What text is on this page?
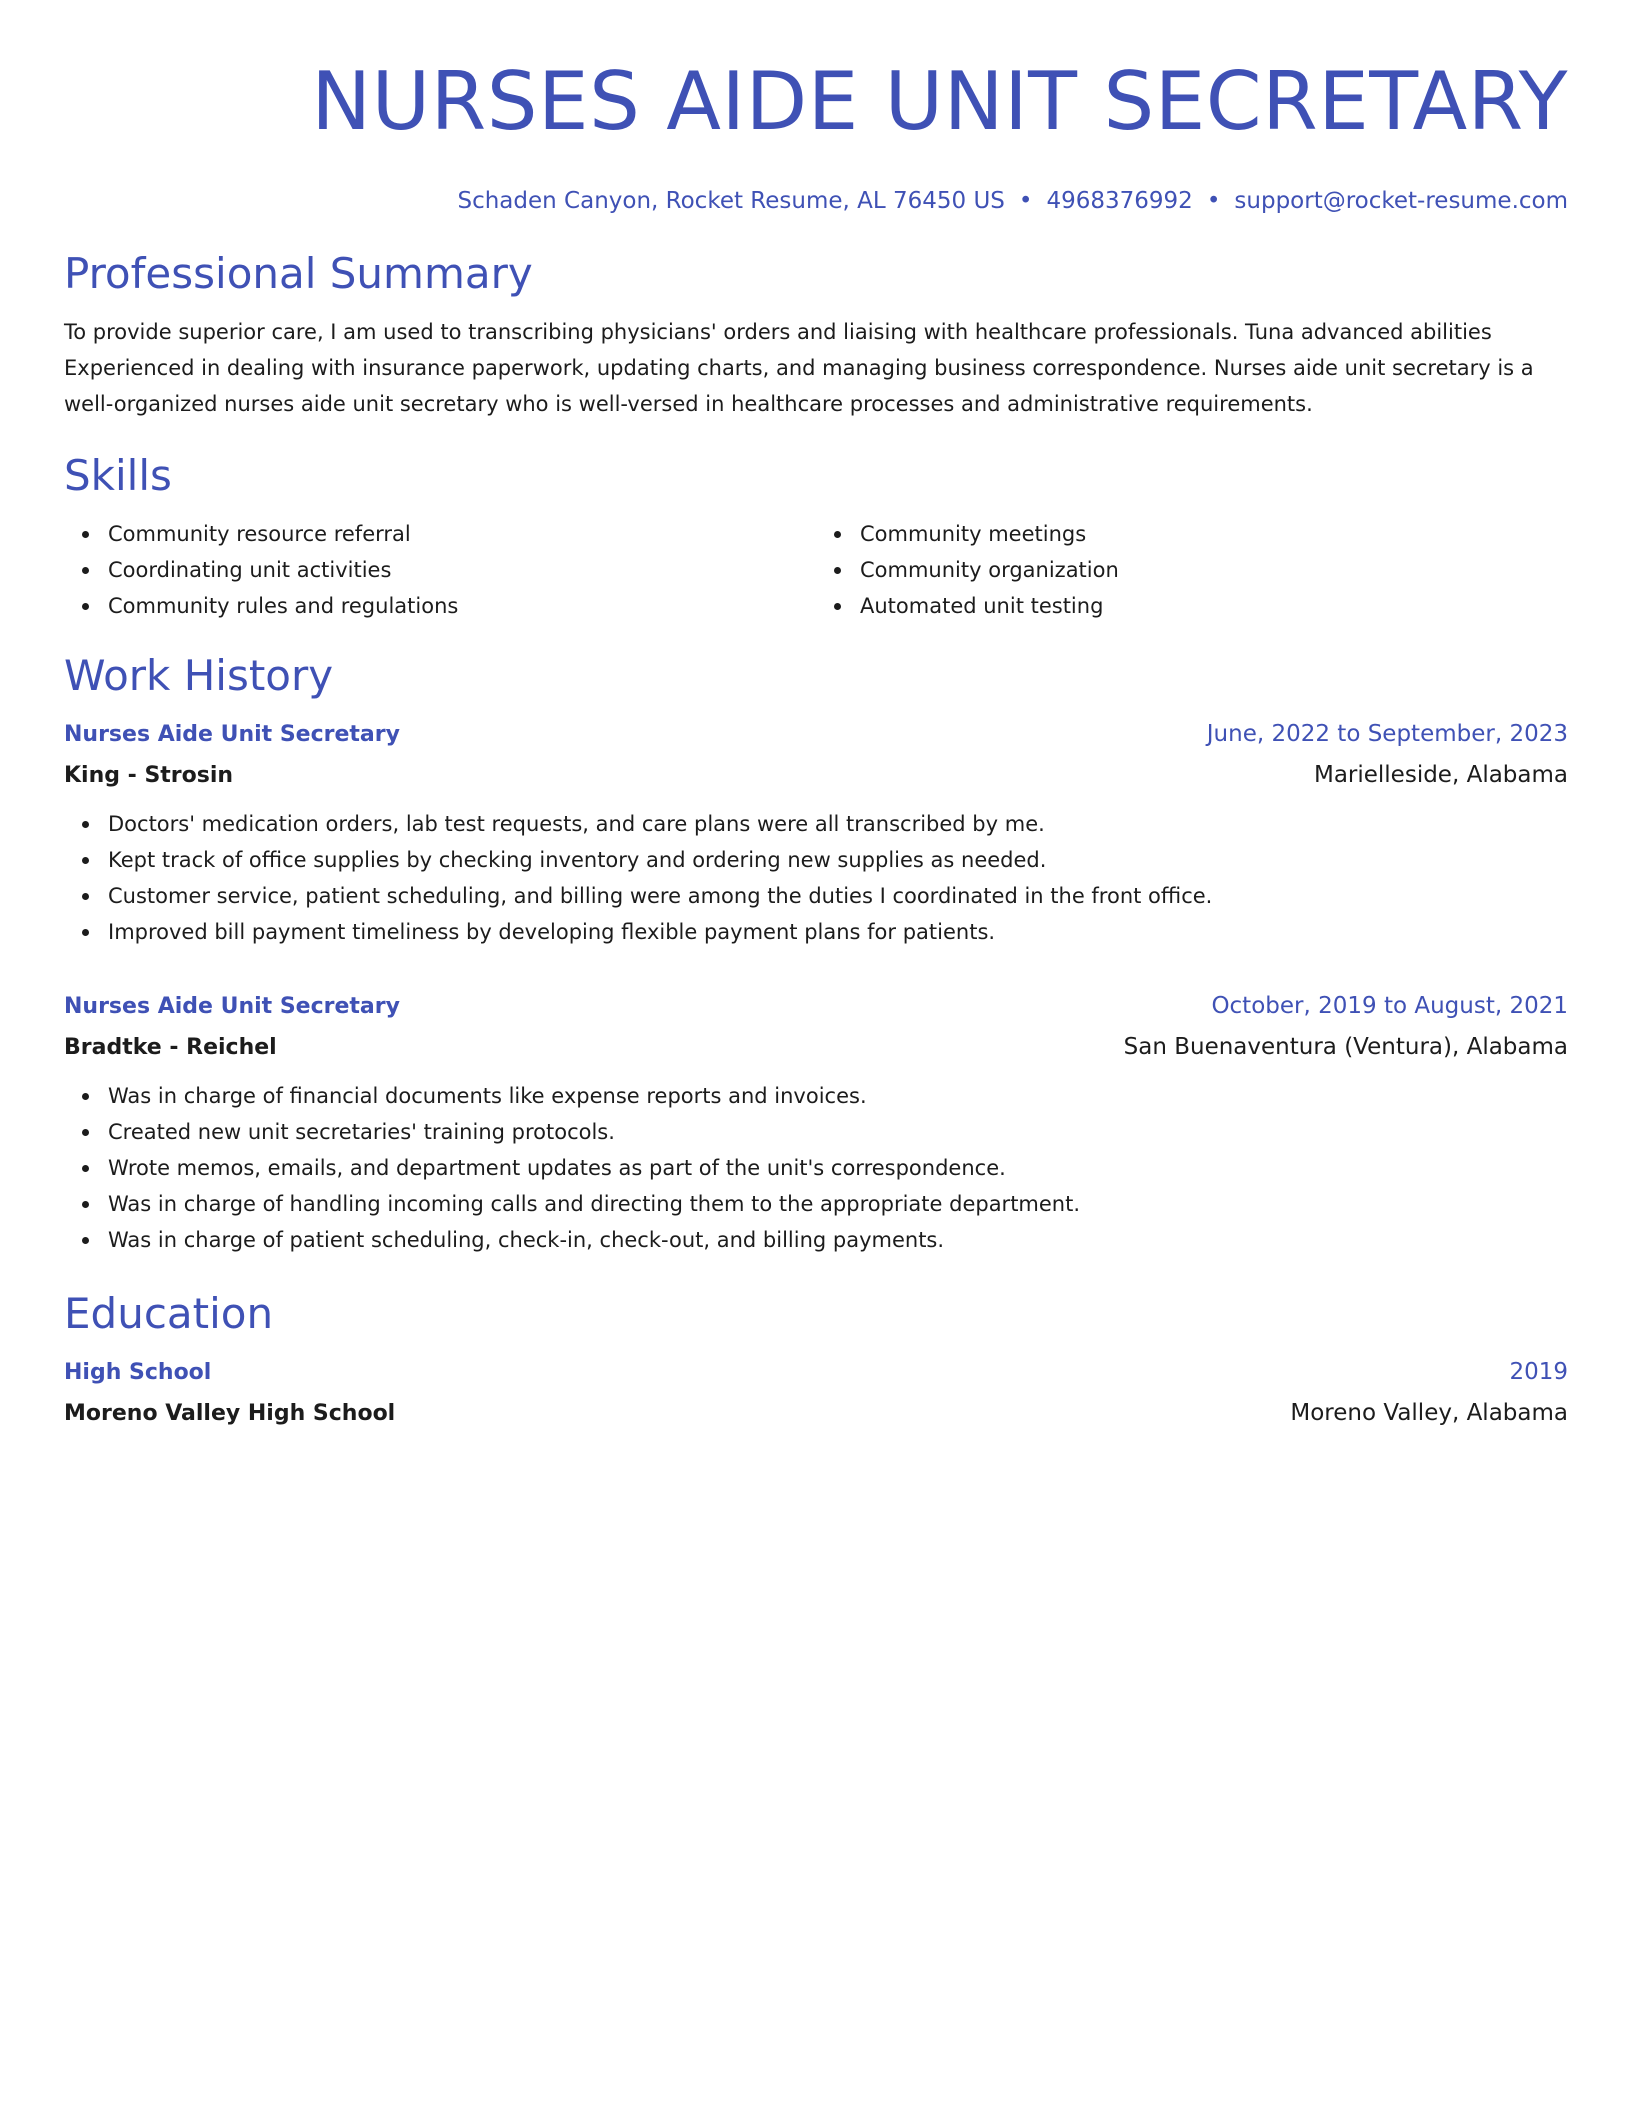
NURSES AIDE UNIT SECRETARY
Schaden Canyon, Rocket Resume, AL 76450 US • 4968376992 • support@rocket-resume.com
Professional Summary

To provide superior care, I am used to transcribing physicians' orders and liaising with healthcare professionals. Tuna advanced abilities Experienced in dealing with insurance paperwork, updating charts, and managing business correspondence. Nurses aide unit secretary is a well-organized nurses aide unit secretary who is well-versed in healthcare processes and administrative requirements.

Skills
Community resource referral
Coordinating unit activities
Community rules and regulations
Community meetings
Community organization
Automated unit testing
Work History
Nurses Aide Unit Secretary	June, 2022 to September, 2023
King - Strosin	Marielleside, Alabama
Doctors' medication orders, lab test requests, and care plans were all transcribed by me.
Kept track of office supplies by checking inventory and ordering new supplies as needed.
Customer service, patient scheduling, and billing were among the duties I coordinated in the front office.
Improved bill payment timeliness by developing flexible payment plans for patients.
Nurses Aide Unit Secretary	October, 2019 to August, 2021
Bradtke - Reichel	San Buenaventura (Ventura), Alabama
Was in charge of financial documents like expense reports and invoices.
Created new unit secretaries' training protocols.
Wrote memos, emails, and department updates as part of the unit's correspondence.
Was in charge of handling incoming calls and directing them to the appropriate department.
Was in charge of patient scheduling, check-in, check-out, and billing payments.
Education
High School	2019
Moreno Valley High School	Moreno Valley, Alabama
